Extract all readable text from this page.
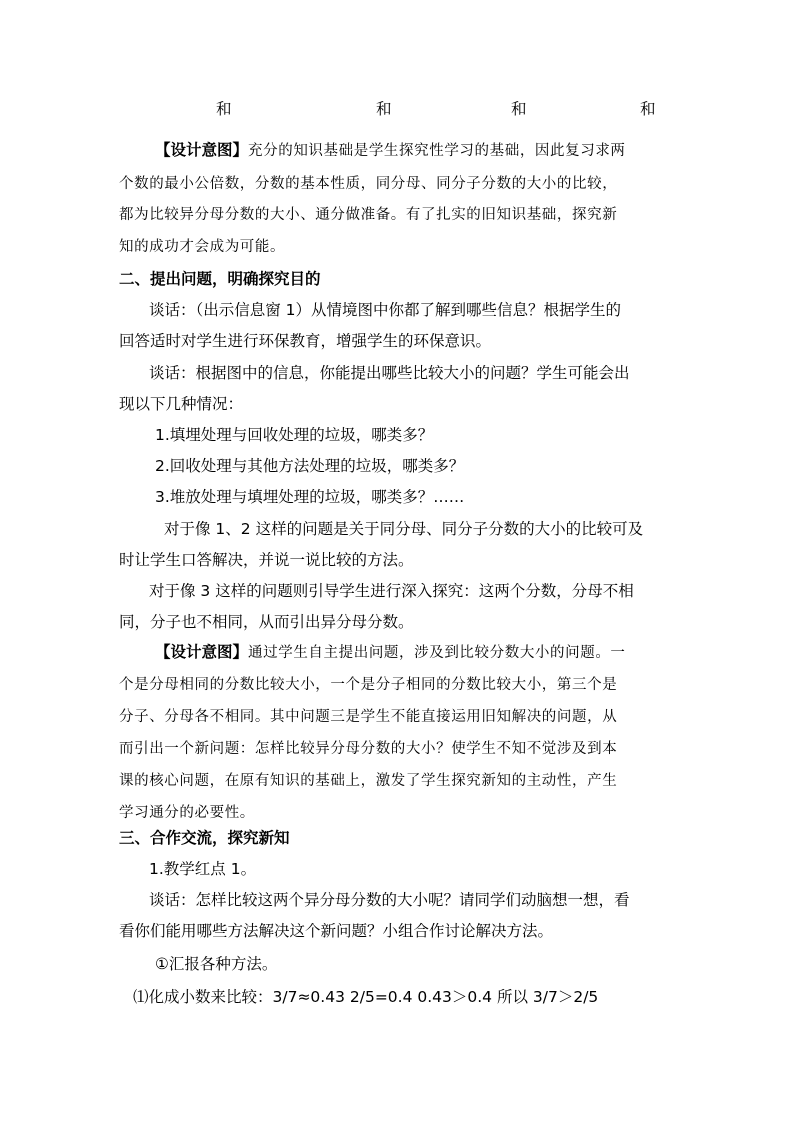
和	和	和	和
【设计意图】充分的知识基础是学生探究性学习的基础，因此复习求两
个数的最小公倍数，分数的基本性质，同分母、同分子分数的大小的比较，
都为比较异分母分数的大小、通分做准备。有了扎实的旧知识基础，探究新
知的成功才会成为可能。
二、提出问题，明确探究目的
谈话：（出示信息窗 1）从情境图中你都了解到哪些信息？根据学生的
回答适时对学生进行环保教育，增强学生的环保意识。
谈话：根据图中的信息，你能提出哪些比较大小的问题？学生可能会出
现以下几种情况：
1.填埋处理与回收处理的垃圾，哪类多？
2.回收处理与其他方法处理的垃圾，哪类多？
3.堆放处理与填埋处理的垃圾，哪类多？……
对于像 1、2 这样的问题是关于同分母、同分子分数的大小的比较可及
时让学生口答解决，并说一说比较的方法。
对于像 3 这样的问题则引导学生进行深入探究：这两个分数，分母不相
同，分子也不相同，从而引出异分母分数。
【设计意图】通过学生自主提出问题，涉及到比较分数大小的问题。一
个是分母相同的分数比较大小，一个是分子相同的分数比较大小，第三个是
分子、分母各不相同。其中问题三是学生不能直接运用旧知解决的问题，从
而引出一个新问题：怎样比较异分母分数的大小？使学生不知不觉涉及到本
课的核心问题，在原有知识的基础上，激发了学生探究新知的主动性，产生
学习通分的必要性。
三、合作交流，探究新知
1.教学红点 1。
谈话：怎样比较这两个异分母分数的大小呢？请同学们动脑想一想，看
看你们能用哪些方法解决这个新问题？小组合作讨论解决方法。
①汇报各种方法。
⑴化成小数来比较：3/7≈0.43 2/5=0.4 0.43＞0.4 所以 3/7＞2/5
